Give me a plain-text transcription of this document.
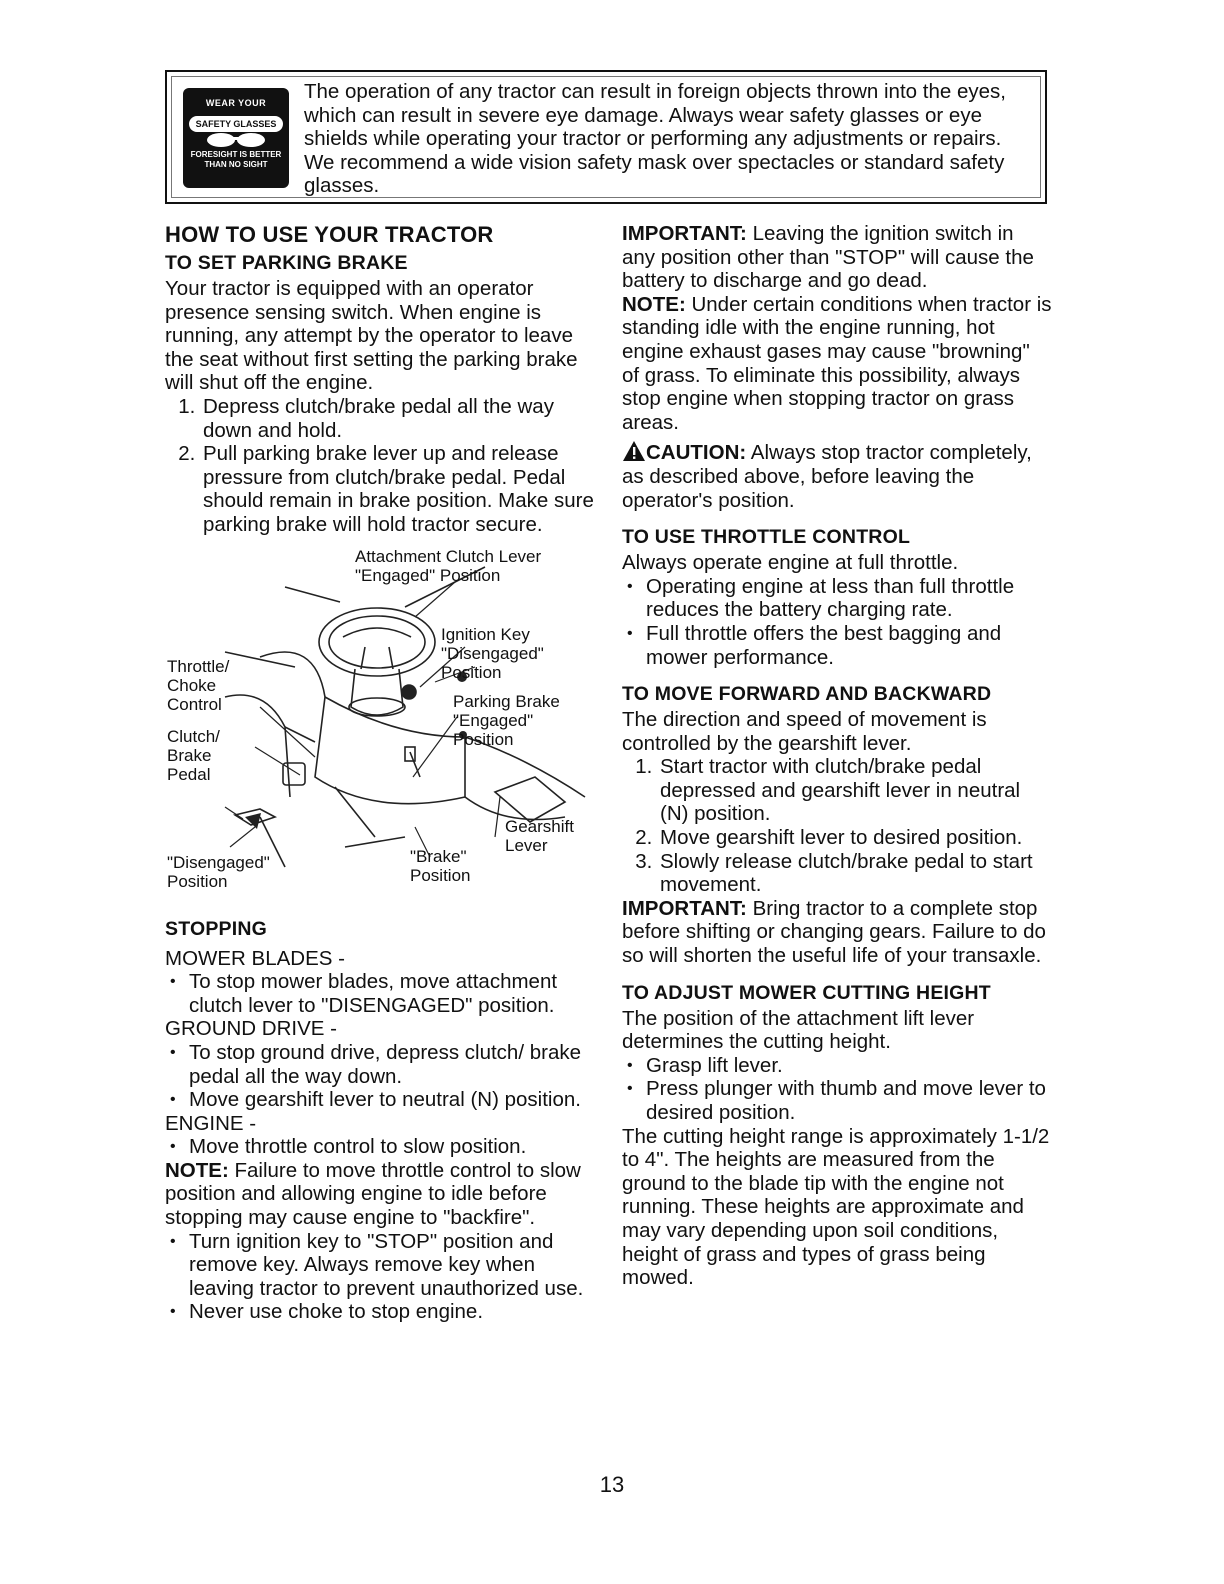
WEAR YOUR
SAFETY GLASSES
FORESIGHT IS BETTER THAN NO SIGHT
The operation of any tractor can result in foreign objects thrown into the eyes, which can result in severe eye damage. Always wear safety glasses or eye shields while operating your tractor or performing any adjustments or repairs. We recommend a wide vision safety mask over spectacles or standard safety glasses.
HOW TO USE YOUR TRACTOR
TO SET PARKING BRAKE

Your tractor is equipped with an operator presence sensing switch. When engine is running, any attempt by the operator to leave the seat without first setting the parking brake will shut off the engine.

1. Depress clutch/brake pedal all the way down and hold.
2. Pull parking brake lever up and release pressure from clutch/brake pedal. Pedal should remain in brake position. Make sure parking brake will hold tractor secure.
Attachment Clutch Lever
"Engaged" Position
Ignition Key
"Disengaged"
Position
Parking Brake
"Engaged"
Position
Throttle/
Choke
Control
Clutch/
Brake
Pedal
Gearshift
Lever
"Disengaged"
Position
"Brake"
Position
STOPPING

MOWER BLADES -

• To stop mower blades, move attachment clutch lever to "DISENGAGED" position.

GROUND DRIVE -

• To stop ground drive, depress clutch/ brake pedal all the way down.
• Move gearshift lever to neutral (N) position.

ENGINE -

• Move throttle control to slow position.

NOTE: Failure to move throttle control to slow position and allowing engine to idle before stopping may cause engine to "backfire".

• Turn ignition key to "STOP" position and remove key. Always remove key when leaving tractor to prevent unauthorized use.
• Never use choke to stop engine.

IMPORTANT: Leaving the ignition switch in any position other than "STOP" will cause the battery to discharge and go dead.

NOTE: Under certain conditions when tractor is standing idle with the engine running, hot engine exhaust gases may cause "browning" of grass. To eliminate this possibility, always stop engine when stopping tractor on grass areas.

CAUTION: Always stop tractor completely, as described above, before leaving the operator's position.

TO USE THROTTLE CONTROL

Always operate engine at full throttle.

• Operating engine at less than full throttle reduces the battery charging rate.
• Full throttle offers the best bagging and mower performance.
TO MOVE FORWARD AND BACKWARD

The direction and speed of movement is controlled by the gearshift lever.

1. Start tractor with clutch/brake pedal depressed and gearshift lever in neutral (N) position.
2. Move gearshift lever to desired position.
3. Slowly release clutch/brake pedal to start movement.

IMPORTANT: Bring tractor to a complete stop before shifting or changing gears. Failure to do so will shorten the useful life of your transaxle.

TO ADJUST MOWER CUTTING HEIGHT

The position of the attachment lift lever determines the cutting height.

• Grasp lift lever.
• Press plunger with thumb and move lever to desired position.

The cutting height range is approximately 1-1/2 to 4". The heights are measured from the ground to the blade tip with the engine not running. These heights are approximate and may vary depending upon soil conditions, height of grass and types of grass being mowed.

13
